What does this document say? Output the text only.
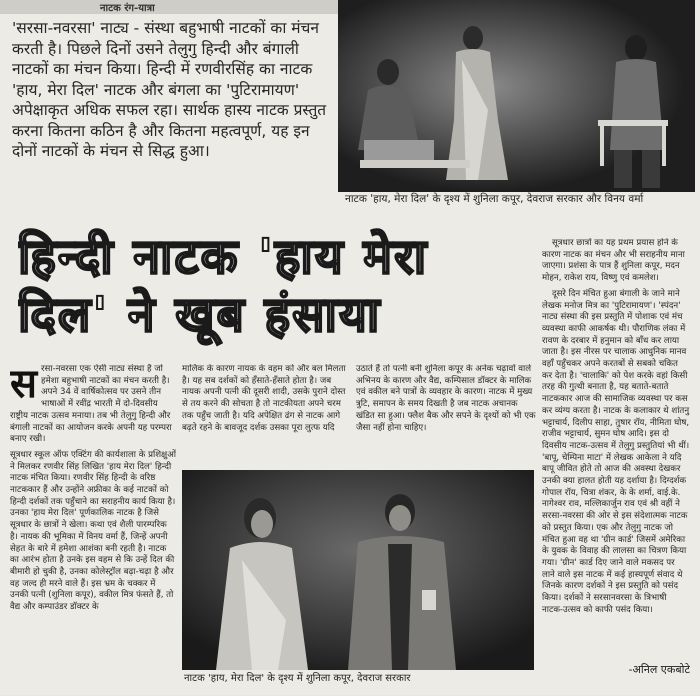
नाटक रंग-यात्रा
'सरसा-नवरसा' नाट्य - संस्था बहुभाषी नाटकों का मंचन करती है। पिछले दिनों उसने तेलुगु हिन्दी और बंगाली नाटकों का मंचन किया। हिन्दी में रणवीरसिंह का नाटक 'हाय, मेरा दिल' नाटक और बंगला का 'पुटिरामायण' अपेक्षाकृत अधिक सफल रहा। सार्थक हास्य नाटक प्रस्तुत करना कितना कठिन है और कितना महत्वपूर्ण, यह इन दोनों नाटकों के मंचन से सिद्ध हुआ।
नाटक 'हाय, मेरा दिल' के दृश्य में शुनिला कपूर, देवराज सरकार और विनय वर्मा
हिन्दी नाटक 'हाय मेरा
दिल' ने खूब हंसाया

सूत्रधार छात्रों का यह प्रथम प्रयास होने के कारण नाटक का मंचन और भी सराहनीय माना जाएगा। प्रशंसा के पात्र हैं शुनिला कपूर, मदन मोहन, राकेश राय, विष्णु एवं कमलेश।

दूसरे दिन मंचित हुआ बंगाली के जाने माने लेखक मनोज मित्र का 'पुटिरामायण'। 'स्पंदन' नाट्य संस्था की इस प्रस्तुति में पोशाक एवं मंच व्यवस्था काफी आकर्षक थी। पौराणिक लंका में रावण के दरबार में हनुमान को बाँध कर लाया जाता है। इस नीरस पर चालाक आधुनिक मानव वहाँ पहुँचकर अपने करतबों से सबको चकित कर देता है। 'चालाकि' को पेश करके वहां किसी तरह की गुत्थी बनाता है, यह बताते-बताते नाटककार आज की सामाजिक व्यवस्था पर कस कर व्यंग्य करता है। नाटक के कलाकार थे शांतनु भट्टाचार्य, दिलीप साहा, तुषार रॉय, नीमिता घोष, राजीव भट्टाचार्य, सुमन घोष आदि। इस दो दिवसीय नाटक-उत्सव में तेलुगु प्रस्तुतियां भी थीं। 'बापू, चेम्पिना माटा' में लेखक आकेला ने यदि बापू जीवित होते तो आज की अवस्था देखकर उनकी क्या हालत होती यह दर्शाया है। दिग्दर्शक गोपाल रॉय, चित्रा शंकर, के के शर्मा, वाई.के. नागेश्वर राव, मल्लिकार्जुन राव एवं श्री वहीं ने सरसा-नवरसा की ओर से इस संदेशात्मक नाटक को प्रस्तुत किया। एक और तेलुगु नाटक जो मंचित हुआ वह था 'ग्रीन कार्ड' जिसमें अमेरिका के युवक के विवाह की लालसा का चित्रण किया गया। 'ग्रीन' कार्ड दिए जाने वाले मकसद पर लाने वाले इस नाटक में कई हास्यपूर्ण संवाद थे जिनके कारण दर्शकों ने इस प्रस्तुति को पसंद किया। दर्शकों ने सरसानवरसा के त्रिभाषी नाटक-उत्सव को काफी पसंद किया।

सरसा-नवरसा एक ऐसी नाट्य संस्था है जो हमेशा बहुभाषी नाटकों का मंचन करती है। अपने 34 वें वार्षिकोत्सव पर उसने तीन भाषाओं में रवींद्र भारती में दो-दिवसीय राष्ट्रीय नाटक उत्सव मनाया। तब भी तेलुगु हिन्दी और बंगाली नाटकों का आयोजन करके अपनी यह परम्परा बनाए रखी।

सूत्रधार स्कूल ऑफ एक्टिंग की कार्यशाला के प्रशिक्षुओं ने मिलकर रणवीर सिंह लिखित 'हाय मेरा दिल' हिन्दी नाटक मंचित किया। रणवीर सिंह हिन्दी के वरिष्ठ नाटककार हैं और उन्होंने अफ्रीका के कई नाटकों को हिन्दी दर्शकों तक पहुँचाने का सराहनीय कार्य किया है। उनका 'हाय मेरा दिल' पूर्णकालिक नाटक है जिसे सूत्रधार के छात्रों ने खेला। कथा एवं शैली पारम्परिक है। नायक की भूमिका में विनय वर्मा हैं, जिन्हें अपनी सेहत के बारे में हमेशा आशंका बनी रहती है। नाटक का आरंभ होता है उनके इस वहम से कि उन्हें दिल की बीमारी हो चुकी है, उनका कोलेस्ट्रॉल बढ़ा-चढ़ा है और वह जल्द ही मरने वाले हैं। इस भ्रम के चक्कर में उनकी पत्नी (शुनिला कपूर), वकील मित्र फंसते हैं, तो वैद्य और कम्पाउंडर डॉक्टर के

मालिक के कारण नायक के वहम को और बल मिलता है। यह सब दर्शकों को हँसाते-हँसाते होता है। जब नायक अपनी पत्नी की दूसरी शादी, उसके पुराने दोस्त से तय करने की सोचता है तो नाटकीयता अपने चरम तक पहुँच जाती है। यदि अपेक्षित ढंग से नाटक आगे बढ़ते रहने के बावजूद दर्शक उसका पूरा लुत्फ यदि
उठाते हैं तो पत्नी बनी शुनिला कपूर के अनेक चढ़ावों वाले अभिनय के कारण और वैद्य, कम्पिसाल डॉक्टर के मालिक एवं वकील बने पात्रों के व्यवहार के कारण। नाटक में मुख्य त्रुटि, समापन के समय दिखती है जब नाटक अचानक खंडित सा हुआ। फ्लैश बैक और सपने के दृश्यों को भी एक जैसा नहीं होना चाहिए।
नाटक 'हाय, मेरा दिल' के दृश्य में शुनिला कपूर, देवराज सरकार
-अनिल एकबोटे
